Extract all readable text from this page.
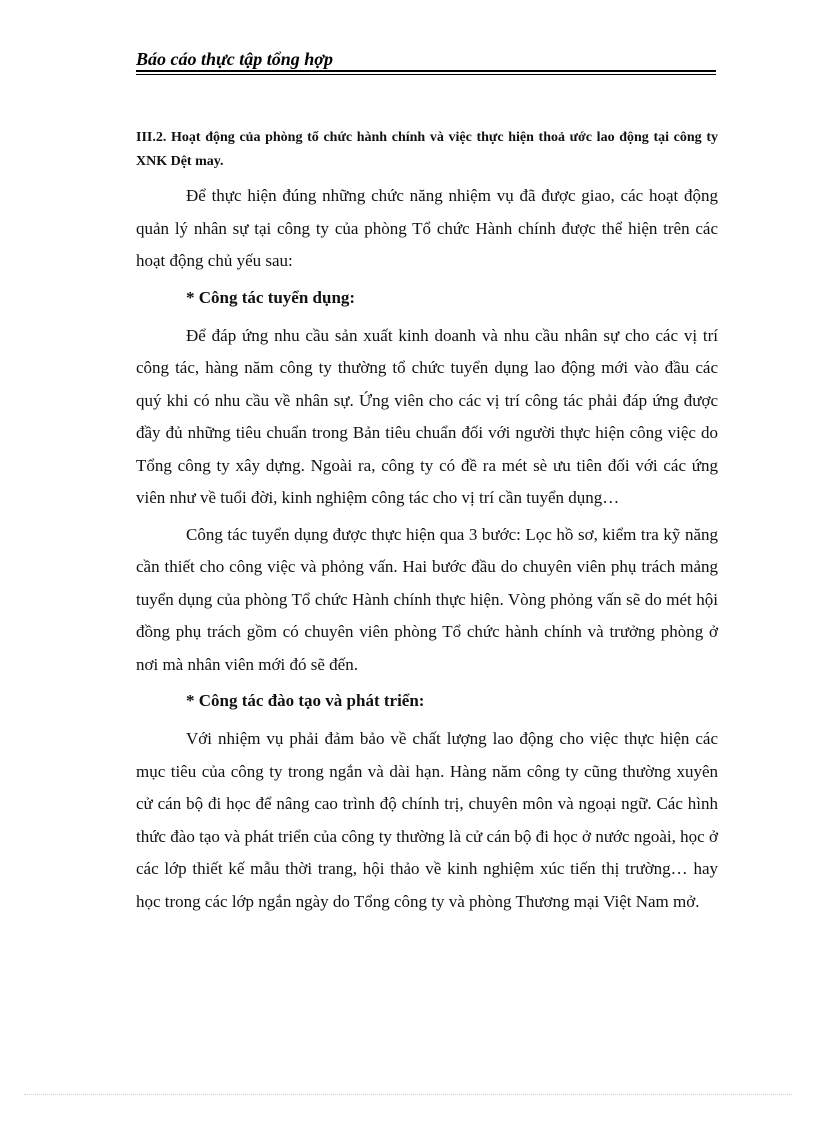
Báo cáo thực tập tổng hợp

III.2. Hoạt động của phòng tổ chức hành chính và việc thực hiện thoả ước lao động tại công ty XNK Dệt may.

Để thực hiện đúng những chức năng nhiệm vụ đã được giao, các hoạt động quản lý nhân sự tại công ty của phòng Tổ chức Hành chính được thể hiện trên các hoạt động chủ yếu sau:

* Công tác tuyển dụng:

Để đáp ứng nhu cầu sản xuất kinh doanh và nhu cầu nhân sự cho các vị trí công tác, hàng năm công ty thường tổ chức tuyển dụng lao động mới vào đầu các quý khi có nhu cầu về nhân sự. Ứng viên cho các vị trí công tác phải đáp ứng được đầy đủ những tiêu chuẩn trong Bản tiêu chuẩn đối với người thực hiện công việc do Tổng công ty xây dựng. Ngoài ra, công ty có đề ra mét sè ưu tiên đối với các ứng viên như về tuổi đời, kinh nghiệm công tác cho vị trí cần tuyển dụng…

Công tác tuyển dụng được thực hiện qua 3 bước: Lọc hồ sơ, kiểm tra kỹ năng cần thiết cho công việc và phỏng vấn. Hai bước đầu do chuyên viên phụ trách mảng tuyển dụng của phòng Tổ chức Hành chính thực hiện. Vòng phỏng vấn sẽ do mét hội đồng phụ trách gồm có chuyên viên phòng Tổ chức hành chính và trưởng phòng ở nơi mà nhân viên mới đó sẽ đến.

* Công tác đào tạo và phát triển:

Với nhiệm vụ phải đảm bảo về chất lượng lao động cho việc thực hiện các mục tiêu của công ty trong ngắn và dài hạn. Hàng năm công ty cũng thường xuyên cử cán bộ đi học để nâng cao trình độ chính trị, chuyên môn và ngoại ngữ. Các hình thức đào tạo và phát triển của công ty thường là cử cán bộ đi học ở nước ngoài, học ở các lớp thiết kế mẫu thời trang, hội thảo về kinh nghiệm xúc tiến thị trường… hay học trong các lớp ngắn ngày do Tổng công ty và phòng Thương mại Việt Nam mở.
